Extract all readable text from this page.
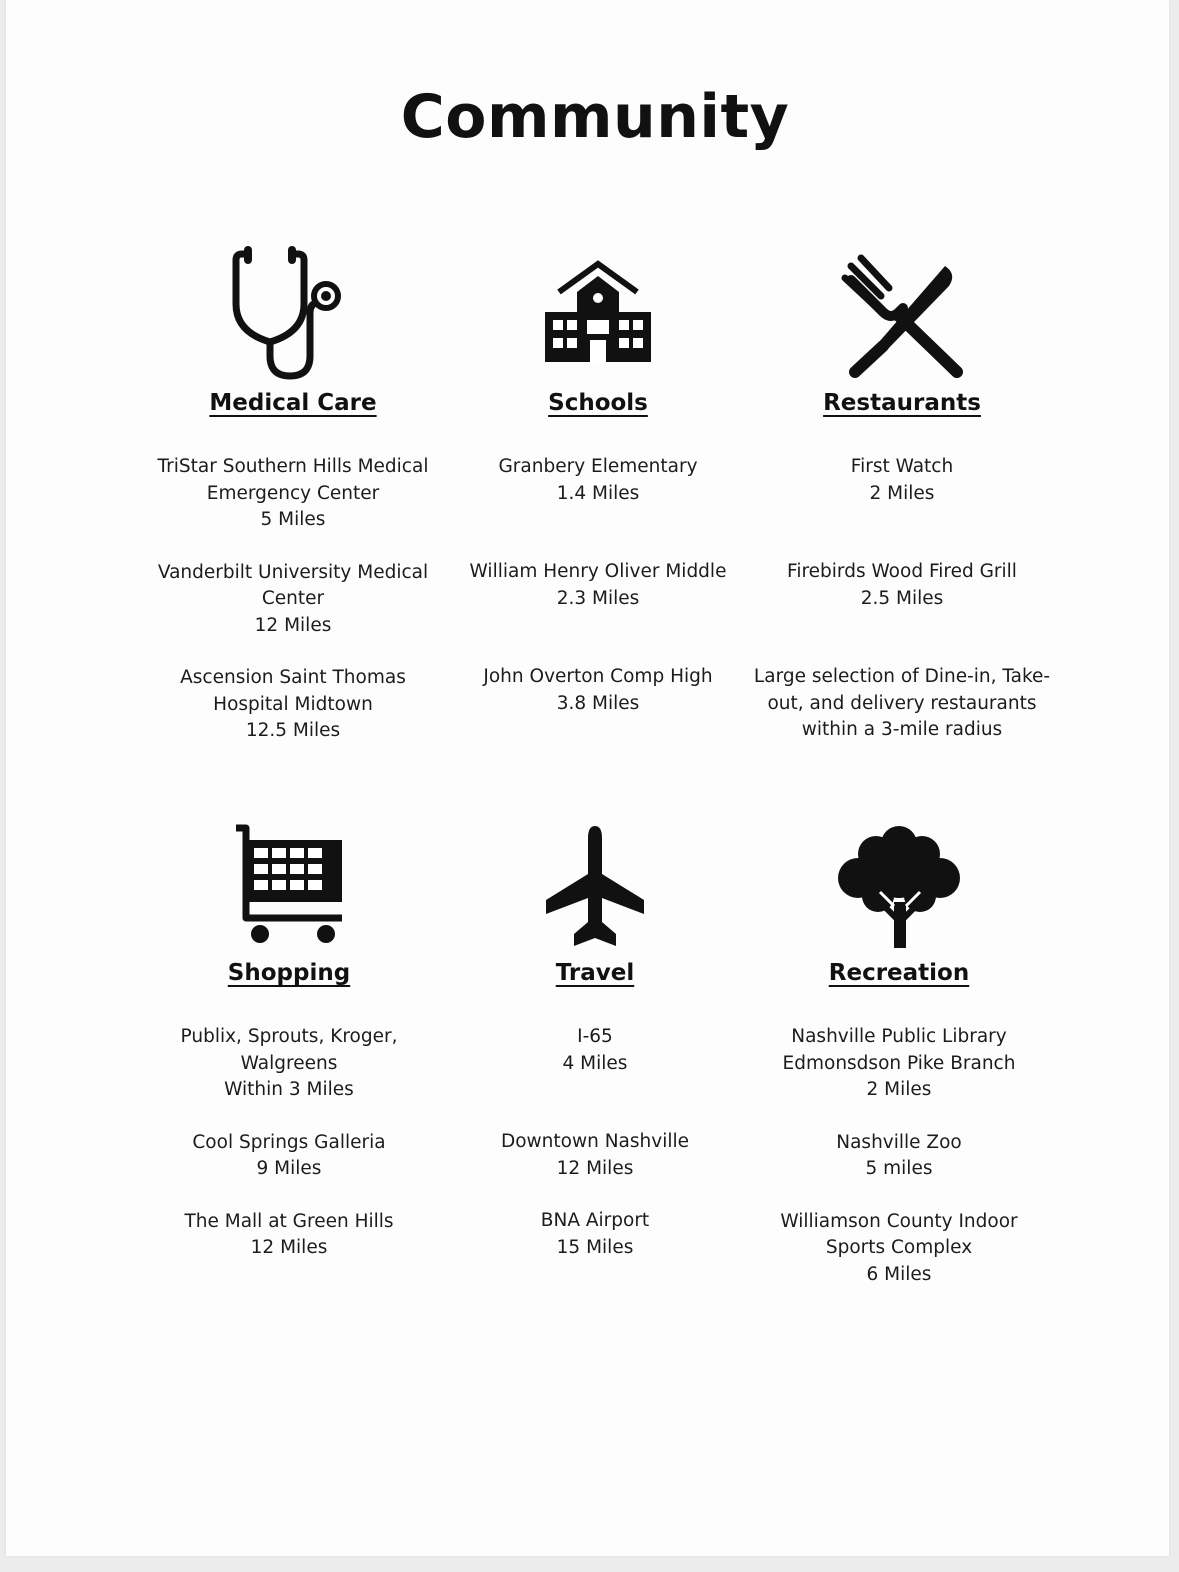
Community
Medical Care
TriStar Southern Hills Medical
Emergency Center
5 Miles
Vanderbilt University Medical
Center
12 Miles
Ascension Saint Thomas
Hospital Midtown
12.5 Miles
Schools
Granbery Elementary
1.4 Miles
William Henry Oliver Middle
2.3 Miles
John Overton Comp High
3.8 Miles
Restaurants
First Watch
2 Miles
Firebirds Wood Fired Grill
2.5 Miles
Large selection of Dine-in, Take-
out, and delivery restaurants
within a 3-mile radius
Shopping
Publix, Sprouts, Kroger,
Walgreens
Within 3 Miles
Cool Springs Galleria
9 Miles
The Mall at Green Hills
12 Miles
Travel
I-65
4 Miles
Downtown Nashville
12 Miles
BNA Airport
15 Miles
Recreation
Nashville Public Library
Edmonsdson Pike Branch
2 Miles
Nashville Zoo
5 miles
Williamson County Indoor
Sports Complex
6 Miles
